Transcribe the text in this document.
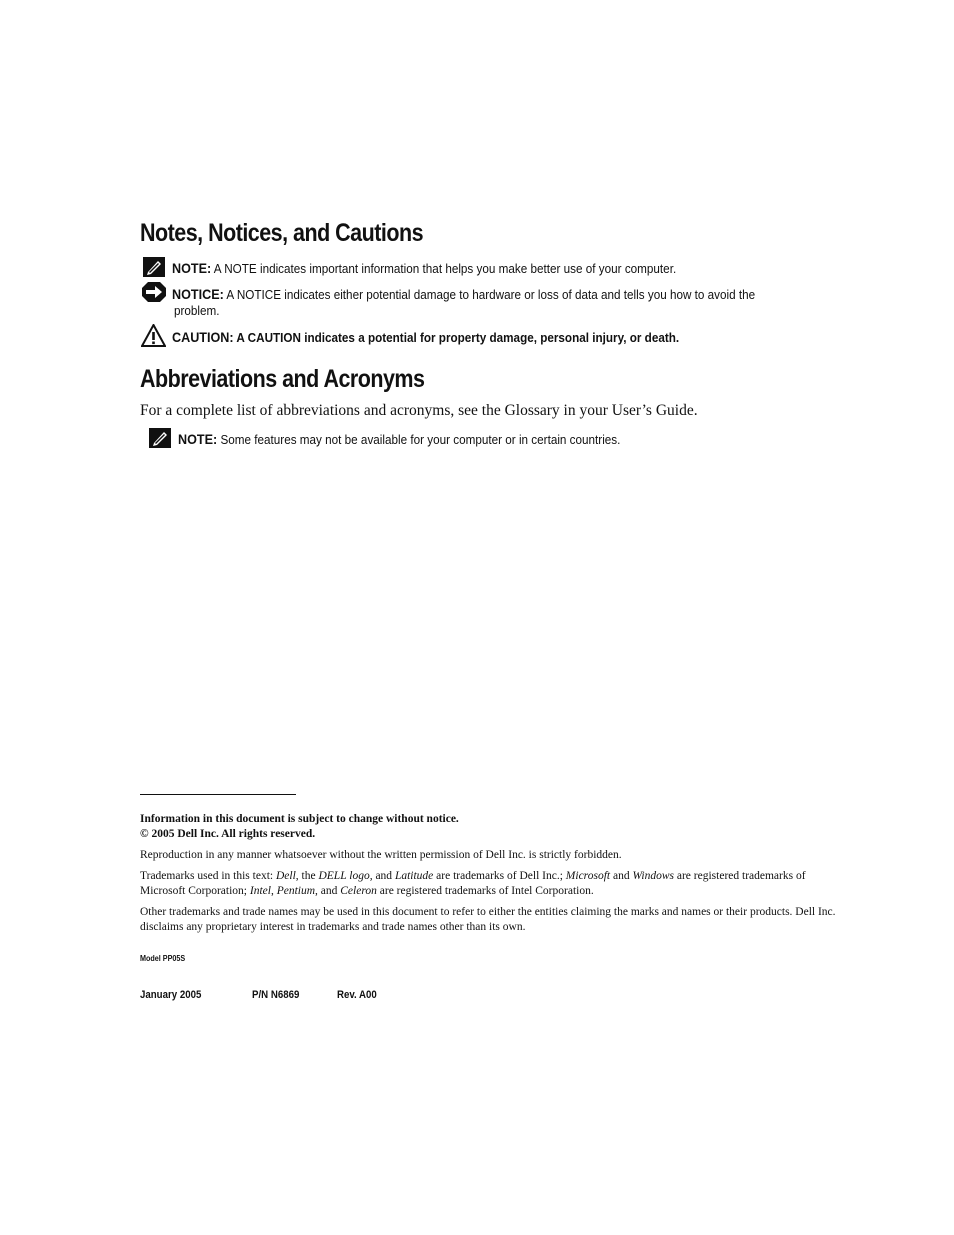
Notes, Notices, and Cautions
NOTE: A NOTE indicates important information that helps you make better use of your computer.
NOTICE: A NOTICE indicates either potential damage to hardware or loss of data and tells you how to avoid the
problem.
CAUTION: A CAUTION indicates a potential for property damage, personal injury, or death.
Abbreviations and Acronyms
For a complete list of abbreviations and acronyms, see the Glossary in your User’s Guide.
NOTE: Some features may not be available for your computer or in certain countries.
Information in this document is subject to change without notice.
© 2005 Dell Inc. All rights reserved.
Reproduction in any manner whatsoever without the written permission of Dell Inc. is strictly forbidden.
Trademarks used in this text: Dell, the DELL logo, and Latitude are trademarks of Dell Inc.; Microsoft and Windows are registered trademarks of Microsoft Corporation; Intel, Pentium, and Celeron are registered trademarks of Intel Corporation.
Other trademarks and trade names may be used in this document to refer to either the entities claiming the marks and names or their products. Dell Inc. disclaims any proprietary interest in trademarks and trade names other than its own.
Model PP05S
January 2005	P/N N6869	Rev. A00
